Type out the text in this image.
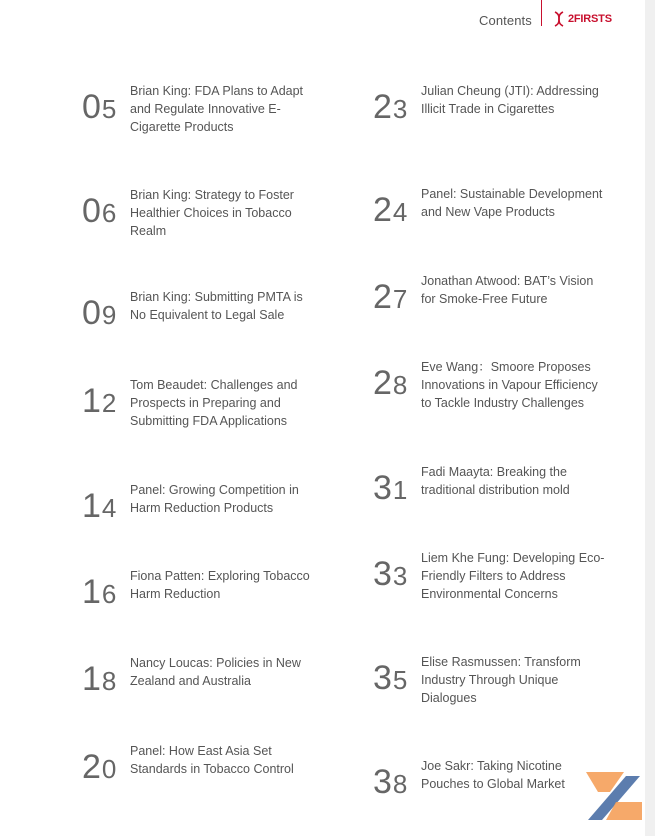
Contents	2FIRSTS
0 5
Brian King: FDA Plans to Adapt and Regulate Innovative E-Cigarette Products
0 6
Brian King: Strategy to Foster Healthier Choices in Tobacco Realm
0 9
Brian King: Submitting PMTA is No Equivalent to Legal Sale
1 2
Tom Beaudet: Challenges and Prospects in Preparing and Submitting FDA Applications
1 4
Panel: Growing Competition in Harm Reduction Products
1 6
Fiona Patten: Exploring Tobacco Harm Reduction
1 8
Nancy Loucas: Policies in New Zealand and Australia
2 0
Panel: How East Asia Set Standards in Tobacco Control
2 3
Julian Cheung (JTI): Addressing Illicit Trade in Cigarettes
2 4
Panel: Sustainable Development and New Vape Products
2 7
Jonathan Atwood: BAT’s Vision for Smoke-Free Future
2 8
Eve Wang：Smoore Proposes Innovations in Vapour Efficiency to Tackle Industry Challenges
3 1
Fadi Maayta: Breaking the traditional distribution mold
3 3
Liem Khe Fung: Developing Eco-Friendly Filters to Address Environmental Concerns
3 5
Elise Rasmussen: Transform Industry Through Unique Dialogues
3 8
Joe Sakr: Taking Nicotine Pouches to Global Market
